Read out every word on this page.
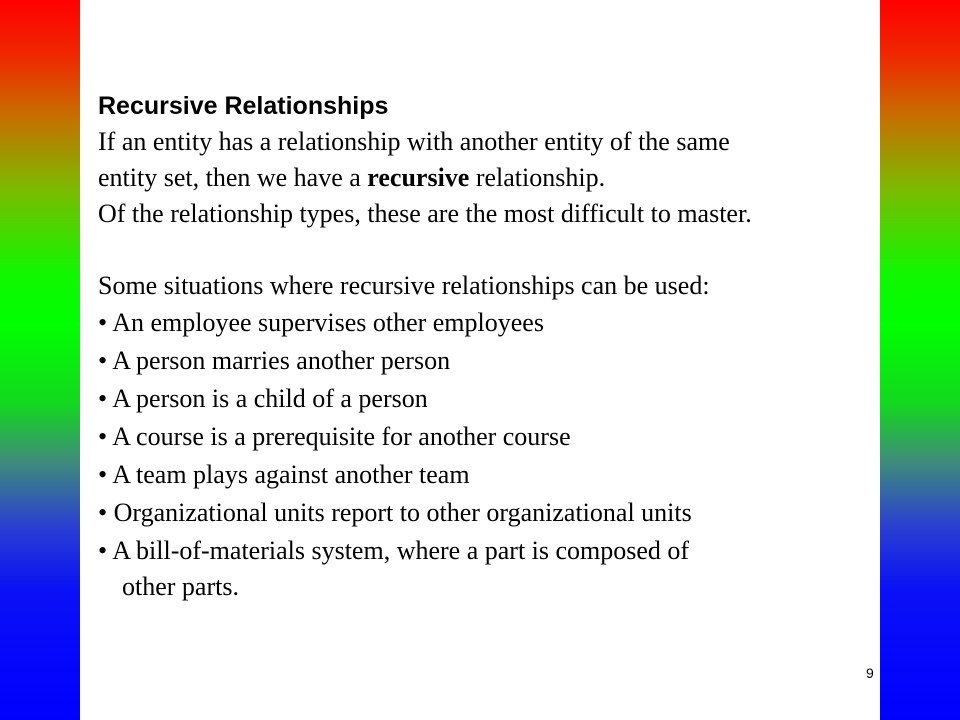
Recursive Relationships

If an entity has a relationship with another entity of the same

entity set, then we have a recursive relationship.

Of the relationship types, these are the most difficult to master.

Some situations where recursive relationships can be used:

• An employee supervises other employees
• A person marries another person
• A person is a child of a person
• A course is a prerequisite for another course
• A team plays against another team
• Organizational units report to other organizational units
• A bill-of-materials system, where a part is composed of
other parts.
9
